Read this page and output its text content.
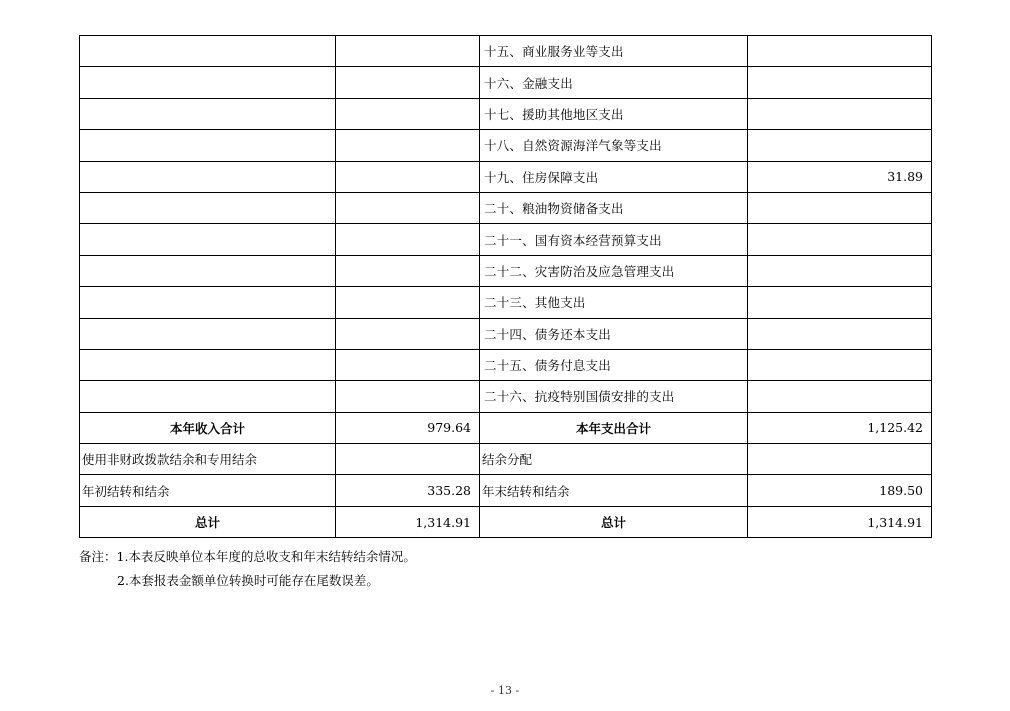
		十五、商业服务业等支出	
		十六、金融支出	
		十七、援助其他地区支出	
		十八、自然资源海洋气象等支出	
		十九、住房保障支出	31.89
		二十、粮油物资储备支出	
		二十一、国有资本经营预算支出	
		二十二、灾害防治及应急管理支出	
		二十三、其他支出	
		二十四、债务还本支出	
		二十五、债务付息支出	
		二十六、抗疫特别国债安排的支出	
本年收入合计	979.64	本年支出合计	1,125.42
使用非财政拨款结余和专用结余		结余分配	
年初结转和结余	335.28	年末结转和结余	189.50
总计	1,314.91	总计	1,314.91
备注：1.本表反映单位本年度的总收支和年末结转结余情况。
2.本套报表金额单位转换时可能存在尾数误差。
- 13 -
